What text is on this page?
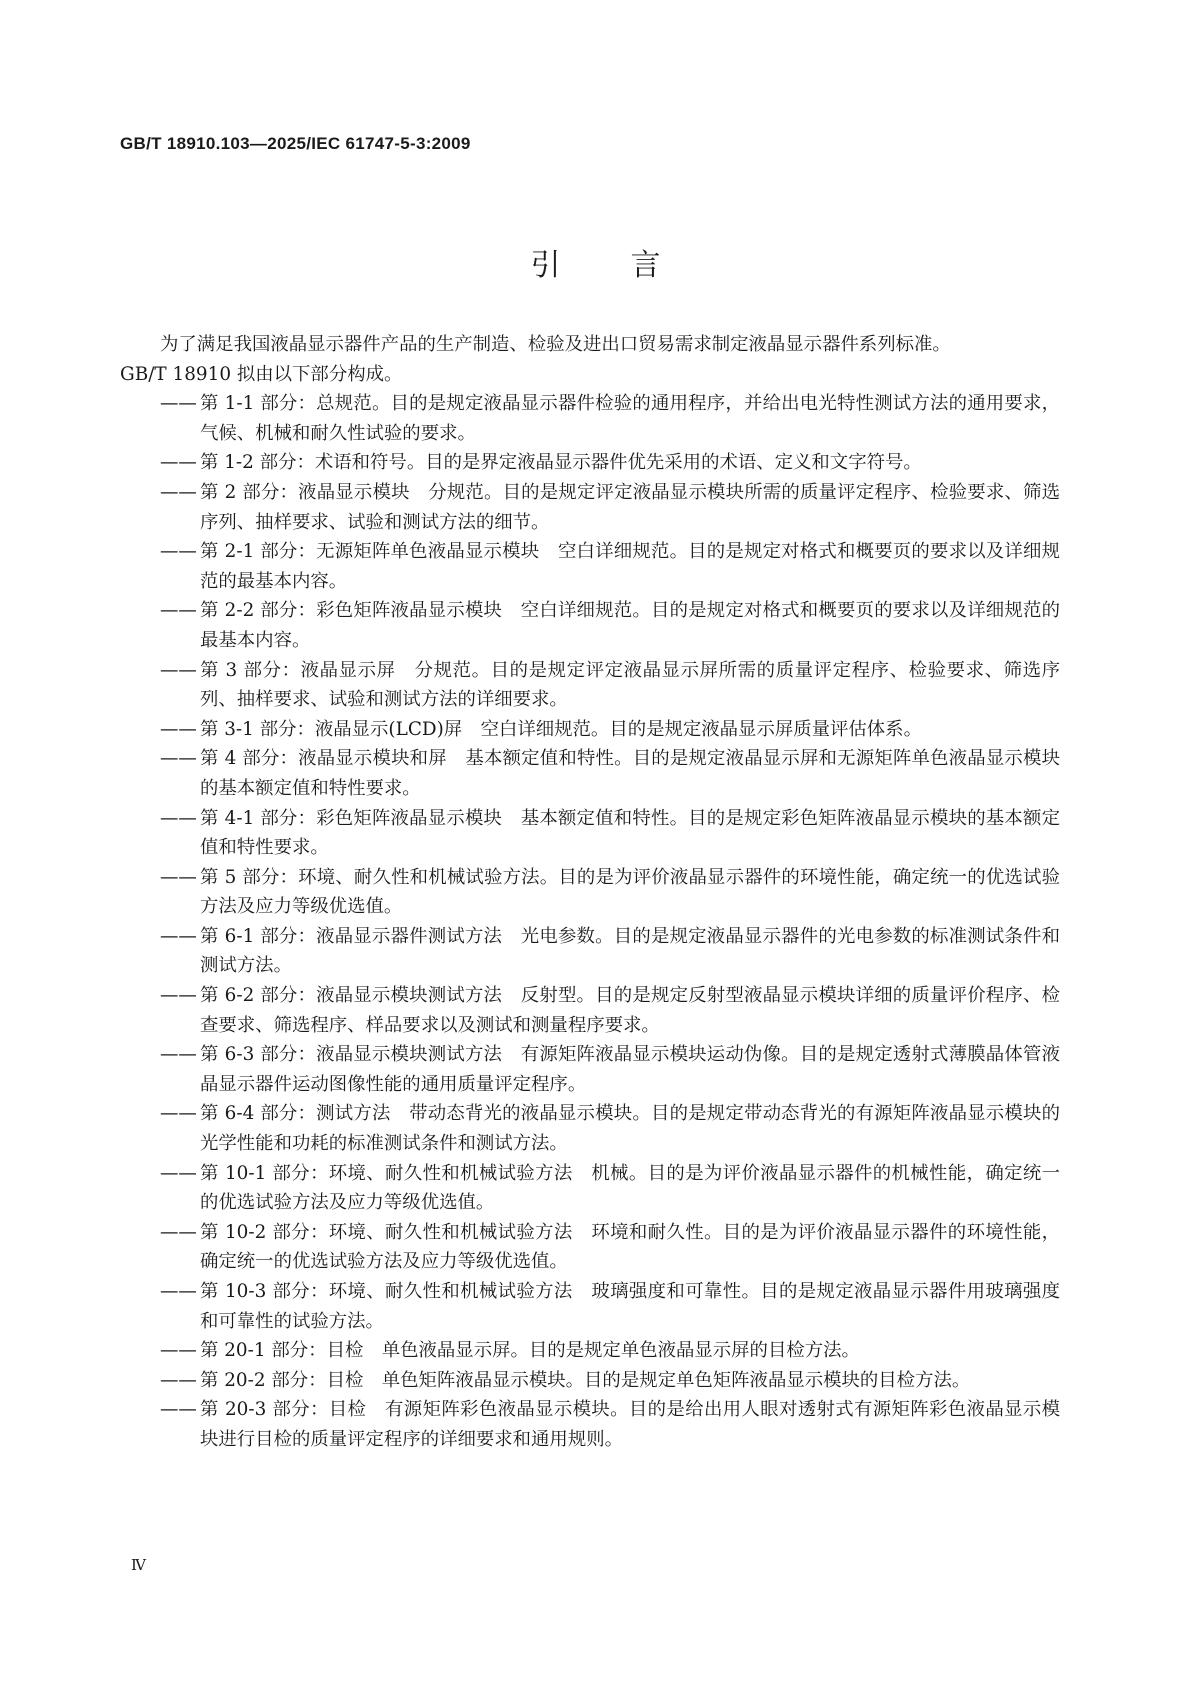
GB/T 18910.103—2025/IEC 61747-5-3:2009
引言
为了满足我国液晶显示器件产品的生产制造、检验及进出口贸易需求制定液晶显示器件系列标准。
GB/T 18910 拟由以下部分构成。
—— 第 1-1 部分：总规范。目的是规定液晶显示器件检验的通用程序，并给出电光特性测试方法的通用要求，气候、机械和耐久性试验的要求。
—— 第 1-2 部分：术语和符号。目的是界定液晶显示器件优先采用的术语、定义和文字符号。
—— 第 2 部分：液晶显示模块　分规范。目的是规定评定液晶显示模块所需的质量评定程序、检验要求、筛选序列、抽样要求、试验和测试方法的细节。
—— 第 2-1 部分：无源矩阵单色液晶显示模块　空白详细规范。目的是规定对格式和概要页的要求以及详细规范的最基本内容。
—— 第 2-2 部分：彩色矩阵液晶显示模块　空白详细规范。目的是规定对格式和概要页的要求以及详细规范的最基本内容。
—— 第 3 部分：液晶显示屏　分规范。目的是规定评定液晶显示屏所需的质量评定程序、检验要求、筛选序列、抽样要求、试验和测试方法的详细要求。
—— 第 3-1 部分：液晶显示(LCD)屏　空白详细规范。目的是规定液晶显示屏质量评估体系。
—— 第 4 部分：液晶显示模块和屏　基本额定值和特性。目的是规定液晶显示屏和无源矩阵单色液晶显示模块的基本额定值和特性要求。
—— 第 4-1 部分：彩色矩阵液晶显示模块　基本额定值和特性。目的是规定彩色矩阵液晶显示模块的基本额定值和特性要求。
—— 第 5 部分：环境、耐久性和机械试验方法。目的是为评价液晶显示器件的环境性能，确定统一的优选试验方法及应力等级优选值。
—— 第 6-1 部分：液晶显示器件测试方法　光电参数。目的是规定液晶显示器件的光电参数的标准测试条件和测试方法。
—— 第 6-2 部分：液晶显示模块测试方法　反射型。目的是规定反射型液晶显示模块详细的质量评价程序、检查要求、筛选程序、样品要求以及测试和测量程序要求。
—— 第 6-3 部分：液晶显示模块测试方法　有源矩阵液晶显示模块运动伪像。目的是规定透射式薄膜晶体管液晶显示器件运动图像性能的通用质量评定程序。
—— 第 6-4 部分：测试方法　带动态背光的液晶显示模块。目的是规定带动态背光的有源矩阵液晶显示模块的光学性能和功耗的标准测试条件和测试方法。
—— 第 10-1 部分：环境、耐久性和机械试验方法　机械。目的是为评价液晶显示器件的机械性能，确定统一的优选试验方法及应力等级优选值。
—— 第 10-2 部分：环境、耐久性和机械试验方法　环境和耐久性。目的是为评价液晶显示器件的环境性能，确定统一的优选试验方法及应力等级优选值。
—— 第 10-3 部分：环境、耐久性和机械试验方法　玻璃强度和可靠性。目的是规定液晶显示器件用玻璃强度和可靠性的试验方法。
—— 第 20-1 部分：目检　单色液晶显示屏。目的是规定单色液晶显示屏的目检方法。
—— 第 20-2 部分：目检　单色矩阵液晶显示模块。目的是规定单色矩阵液晶显示模块的目检方法。
—— 第 20-3 部分：目检　有源矩阵彩色液晶显示模块。目的是给出用人眼对透射式有源矩阵彩色液晶显示模块进行目检的质量评定程序的详细要求和通用规则。
Ⅳ
